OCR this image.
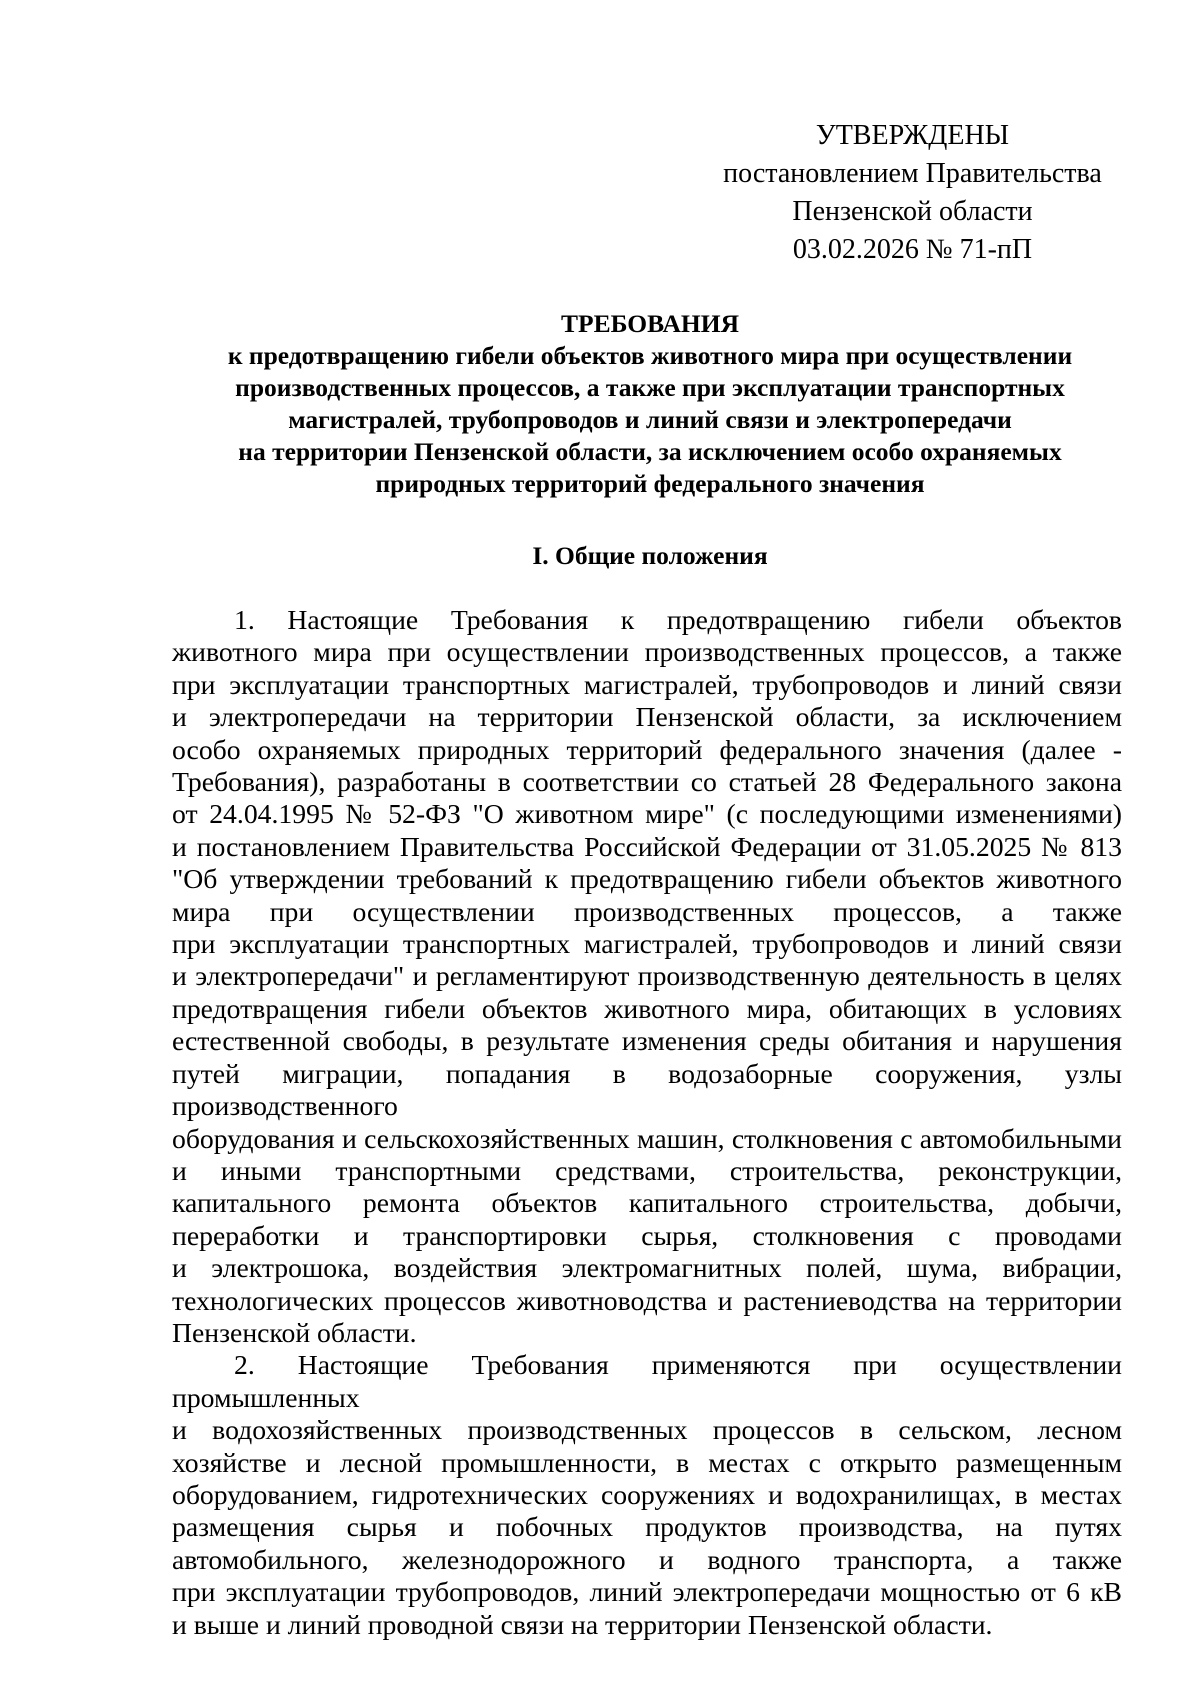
УТВЕРЖДЕНЫ
постановлением Правительства
Пензенской области
03.02.2026 № 71-пП
ТРЕБОВАНИЯ
к предотвращению гибели объектов животного мира при осуществлении
производственных процессов, а также при эксплуатации транспортных
магистралей, трубопроводов и линий связи и электропередачи
на территории Пензенской области, за исключением особо охраняемых
природных территорий федерального значения
I. Общие положения

1. Настоящие Требования к предотвращению гибели объектов

животного мира при осуществлении производственных процессов, а также

при эксплуатации транспортных магистралей, трубопроводов и линий связи

и электропередачи на территории Пензенской области, за исключением

особо охраняемых природных территорий федерального значения (далее -

Требования), разработаны в соответствии со статьей 28 Федерального закона

от 24.04.1995 № 52-ФЗ "О животном мире" (с последующими изменениями)

и постановлением Правительства Российской Федерации от 31.05.2025 № 813

"Об утверждении требований к предотвращению гибели объектов животного

мира при осуществлении производственных процессов, а также

при эксплуатации транспортных магистралей, трубопроводов и линий связи

и электропередачи" и регламентируют производственную деятельность в целях

предотвращения гибели объектов животного мира, обитающих в условиях

естественной свободы, в результате изменения среды обитания и нарушения

путей миграции, попадания в водозаборные сооружения, узлы производственного

оборудования и сельскохозяйственных машин, столкновения с автомобильными

и иными транспортными средствами, строительства, реконструкции,

капитального ремонта объектов капитального строительства, добычи,

переработки и транспортировки сырья, столкновения с проводами

и электрошока, воздействия электромагнитных полей, шума, вибрации,

технологических процессов животноводства и растениеводства на территории

Пензенской области.

2. Настоящие Требования применяются при осуществлении промышленных

и водохозяйственных производственных процессов в сельском, лесном

хозяйстве и лесной промышленности, в местах с открыто размещенным

оборудованием, гидротехнических сооружениях и водохранилищах, в местах

размещения сырья и побочных продуктов производства, на путях

автомобильного, железнодорожного и водного транспорта, а также

при эксплуатации трубопроводов, линий электропередачи мощностью от 6 кВ

и выше и линий проводной связи на территории Пензенской области.
